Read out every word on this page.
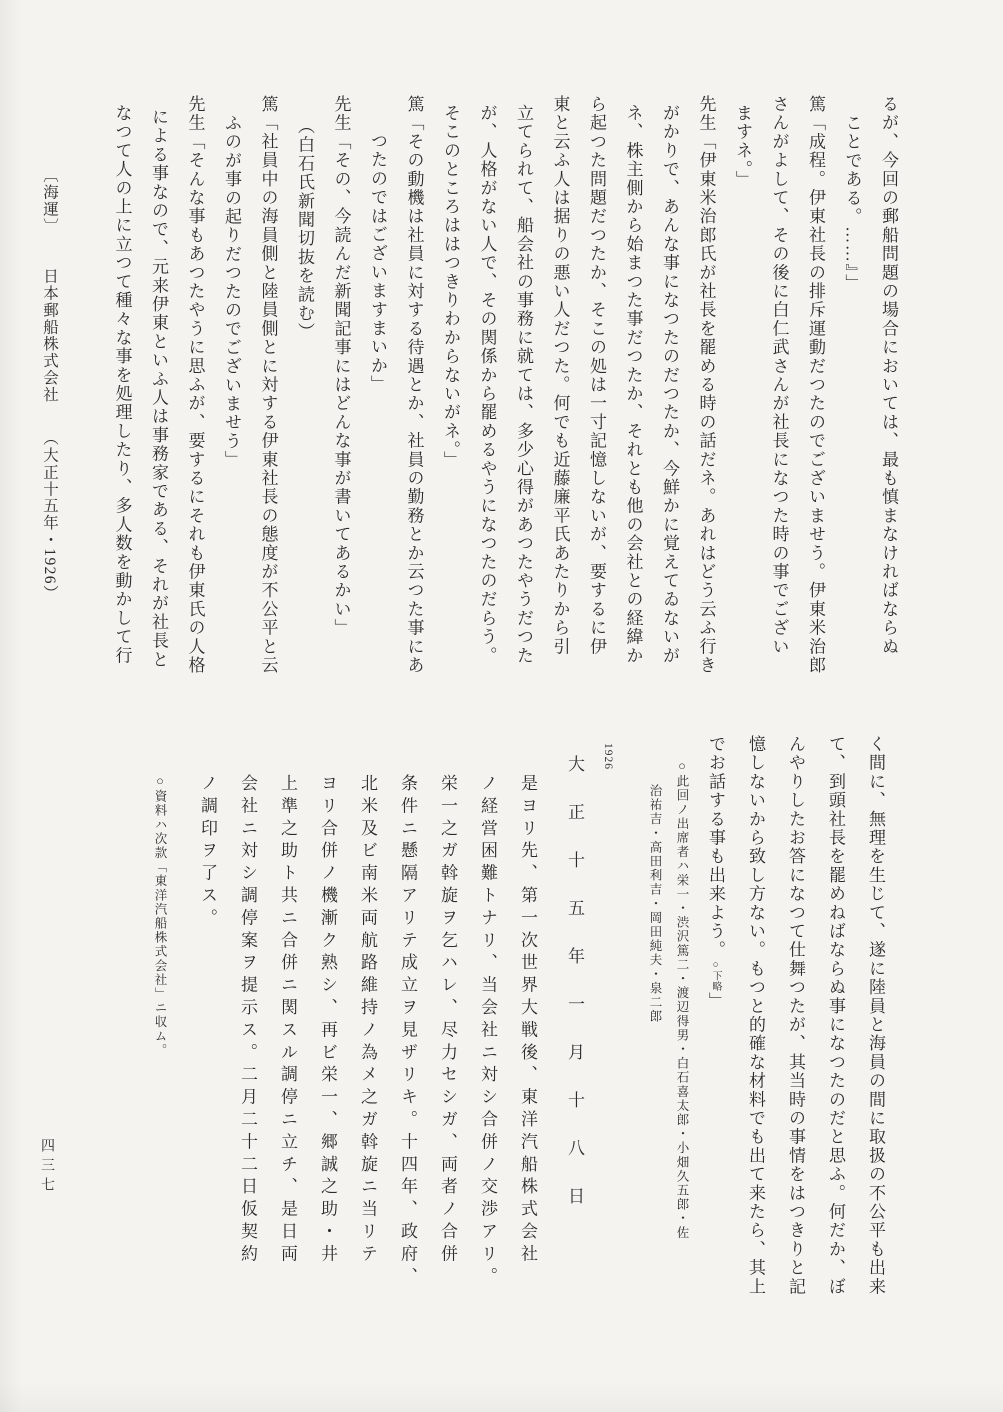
るが、今回の郵船問題の場合においては、最も慎まなければならぬ
ことである。……』」
篤「成程。伊東社長の排斥運動だつたのでございませう。伊東米治郎
さんがよして、その後に白仁武さんが社長になつた時の事でござい
ますネ。」
先生「伊東米治郎氏が社長を罷める時の話だネ。あれはどう云ふ行き
がかりで、あんな事になつたのだつたか、今鮮かに覚えてゐないが
ネ、株主側から始まつた事だつたか、それとも他の会社との経緯か
ら起つた問題だつたか、そこの処は一寸記憶しないが、要するに伊
東と云ふ人は据りの悪い人だつた。何でも近藤廉平氏あたりから引
立てられて、船会社の事務に就ては、多少心得があつたやうだつた
が、人格がない人で、その関係から罷めるやうになつたのだらう。
そこのところははつきりわからないがネ。」
篤「その動機は社員に対する待遇とか、社員の勤務とか云つた事にあ
つたのではございますまいか」
先生「その、今読んだ新聞記事にはどんな事が書いてあるかい」
（白石氏新聞切抜を読む）
篤「社員中の海員側と陸員側とに対する伊東社長の態度が不公平と云
ふのが事の起りだつたのでございませう」
先生「そんな事もあつたやうに思ふが、要するにそれも伊東氏の人格
による事なので、元来伊東といふ人は事務家である、それが社長と
なつて人の上に立つて種々な事を処理したり、多人数を動かして行
〔海運〕 日本郵船株式会社 （大正十五年・1926）
く間に、無理を生じて、遂に陸員と海員の間に取扱の不公平も出来
て、到頭社長を罷めねばならぬ事になつたのだと思ふ。何だか、ぼ
んやりしたお答になつて仕舞つたが、其当時の事情をはつきりと記
憶しないから致し方ない。もつと的確な材料でも出て来たら、其上
でお話する事も出来よう。○下略」
○此回ノ出席者ハ栄一・渋沢篤二・渡辺得男・白石喜太郎・小畑久五郎・佐
治祐吉・高田利吉・岡田純夫・泉二郎
大正十五年一月十八日
是ヨリ先、第一次世界大戦後、東洋汽船株式会社
ノ経営困難トナリ、当会社ニ対シ合併ノ交渉アリ。
栄一之ガ斡旋ヲ乞ハレ、尽力セシガ、両者ノ合併
条件ニ懸隔アリテ成立ヲ見ザリキ。十四年、政府、
北米及ビ南米両航路維持ノ為メ之ガ斡旋ニ当リテ
ヨリ合併ノ機漸ク熟シ、再ビ栄一、郷誠之助・井
上準之助ト共ニ合併ニ関スル調停ニ立チ、是日両
会社ニ対シ調停案ヲ提示ス。二月二十二日仮契約
ノ調印ヲ了ス。
○資料ハ次款「東洋汽船株式会社」ニ収ム。
1926
四三七
